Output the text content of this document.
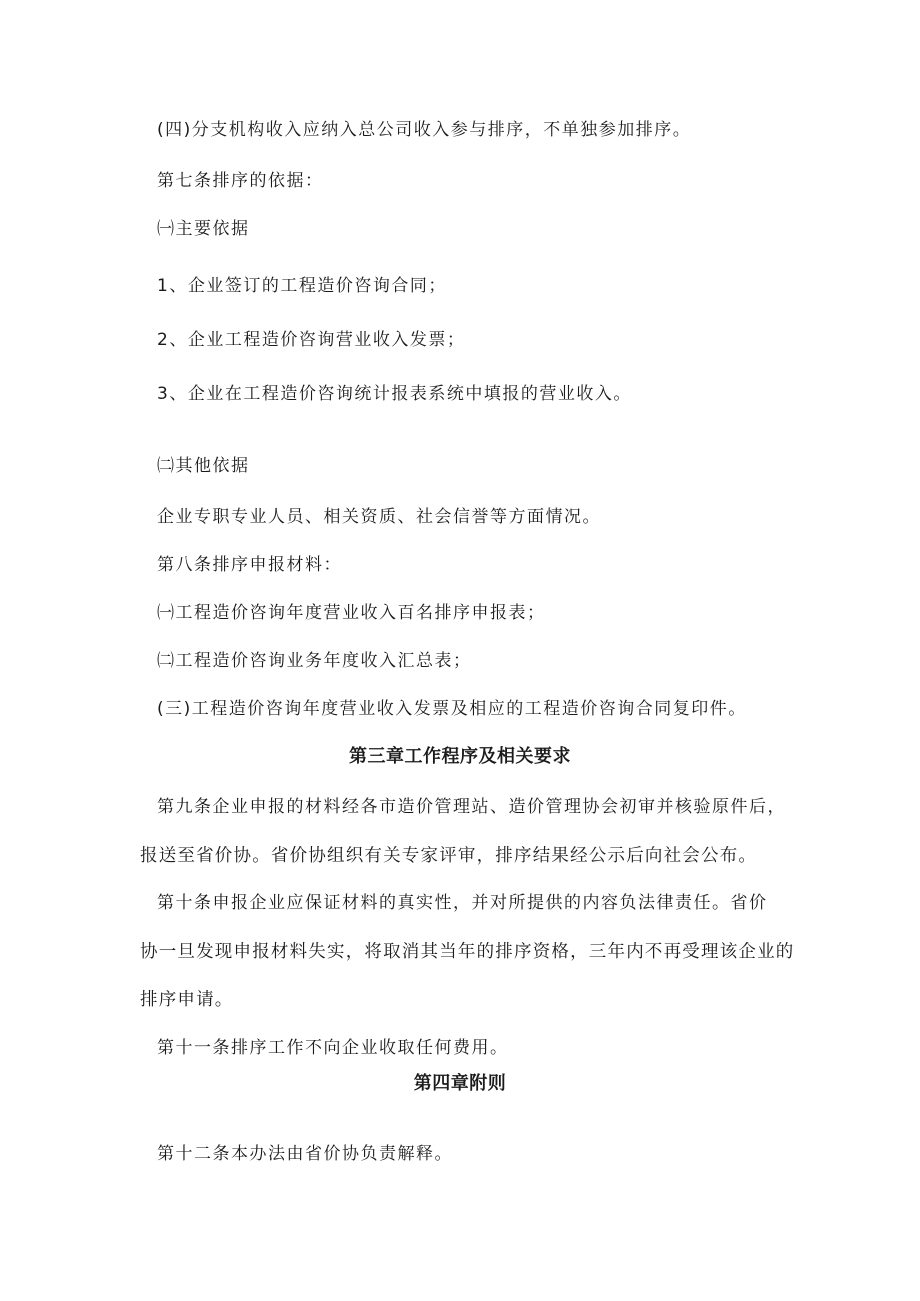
(四)分支机构收入应纳入总公司收入参与排序，不单独参加排序。
第七条排序的依据：
㈠主要依据
1、企业签订的工程造价咨询合同；
2、企业工程造价咨询营业收入发票；
3、企业在工程造价咨询统计报表系统中填报的营业收入。
㈡其他依据
企业专职专业人员、相关资质、社会信誉等方面情况。
第八条排序申报材料：
㈠工程造价咨询年度营业收入百名排序申报表；
㈡工程造价咨询业务年度收入汇总表；
(三)工程造价咨询年度营业收入发票及相应的工程造价咨询合同复印件。
第三章工作程序及相关要求
第九条企业申报的材料经各市造价管理站、造价管理协会初审并核验原件后，
报送至省价协。省价协组织有关专家评审，排序结果经公示后向社会公布。
第十条申报企业应保证材料的真实性，并对所提供的内容负法律责任。省价
协一旦发现申报材料失实，将取消其当年的排序资格，三年内不再受理该企业的
排序申请。
第十一条排序工作不向企业收取任何费用。
第四章附则
第十二条本办法由省价协负责解释。
